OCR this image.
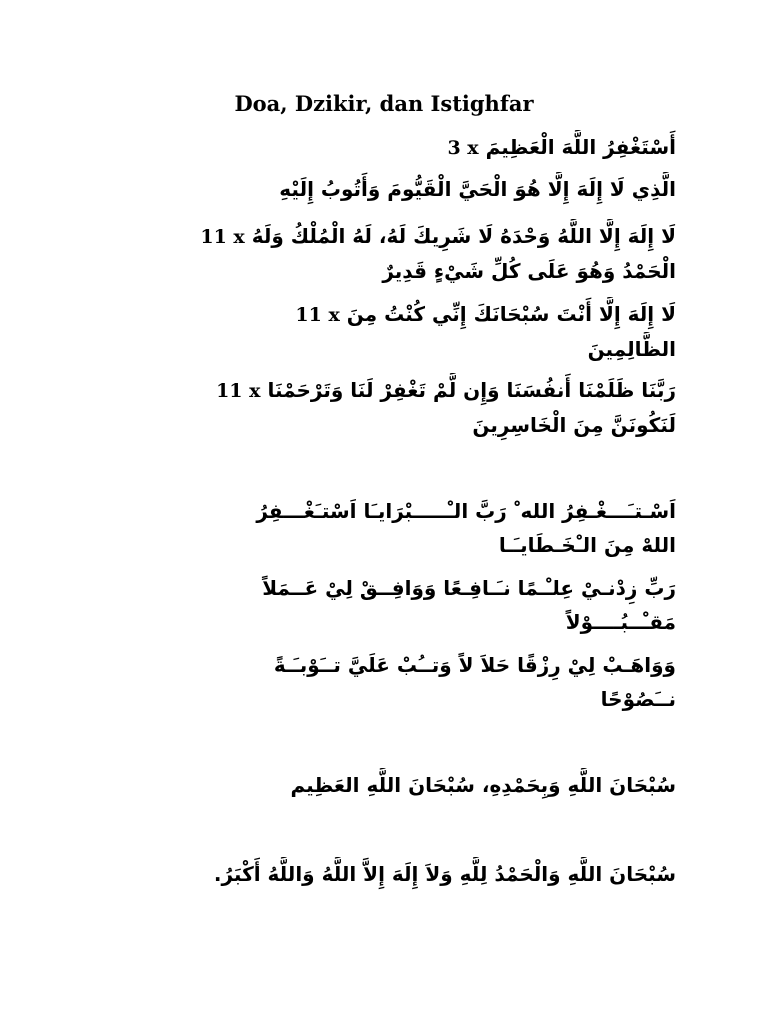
Doa, Dzikir, dan Istighfar
أَسْتَغْفِرُ اللَّهَ الْعَظِيمَ 3 x
الَّذِي لَا إِلَهَ إِلَّا هُوَ الْحَيَّ الْقَيُّومَ وَأَتُوبُ إِلَيْهِ
لَا إِلَهَ إِلَّا اللَّهُ وَحْدَهُ لَا شَرِيكَ لَهُ، لَهُ الْمُلْكُ وَلَهُ 11 x
الْحَمْدُ وَهُوَ عَلَى كُلِّ شَيْءٍ قَدِيرٌ
لَا إِلَهَ إِلَّا أَنْتَ سُبْحَانَكَ إِنِّي كُنْتُ مِنَ 11 x
الظَّالِمِينَ
رَبَّنَا ظَلَمْنَا أَنفُسَنَا وَإِن لَّمْ تَغْفِرْ لَنَا وَتَرْحَمْنَا 11 x
لَنَكُونَنَّ مِنَ الْخَاسِرِينَ
اَسْـتـَـــغْـفِرُ الله ْ رَبَّ الـْـــــبْرَايـَا اَسْتـَغْـــفِرُ
اللهْ مِنَ الـْخَـطَايـَـا
رَبِّ زِدْنـيْ عِلـْـمًا نـَـافِـعًا وَوَافِــقْ لِيْ عَــمَلاً
مَقـْــبُــــوْلاً
وَوَاهَـبْ لِيْ رِزْقًا حَلاَ لاً وَتــُبْ عَلَيَّ تــَوْبـَـةً
نــَصُوْحًا
سُبْحَانَ اللَّهِ وَبِحَمْدِهِ، سُبْحَانَ اللَّهِ العَظِيم
سُبْحَانَ اللَّهِ وَالْحَمْدُ لِلَّهِ وَلاَ إِلَهَ إِلاَّ اللَّهُ وَاللَّهُ أَكْبَرُ.
